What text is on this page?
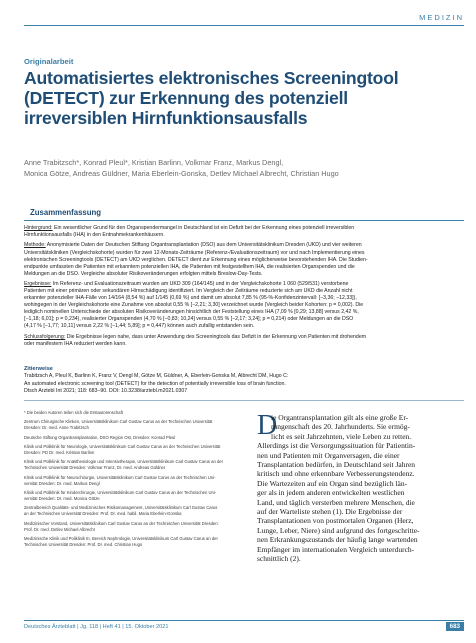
MEDIZIN
Originalarbeit
Automatisiertes elektronisches Screeningtool
(DETECT) zur Erkennung des potenziell
irreversiblen Hirnfunktionsausfalls
Anne Trabitzsch*, Konrad Pleul*, Kristian Barlinn, Volkmar Franz, Markus Dengl,
Monica Götze, Andreas Güldner, Maria Eberlein-Gonska, Detlev Michael Albrecht, Christian Hugo
Zusammenfassung

Hintergrund: Ein wesentlicher Grund für den Organspendermangel in Deutschland ist ein Defizit bei der Erkennung eines potenziell irreversiblen
Hirnfunktionsausfalls (IHA) in den Entnahmekrankenhäusern.

Methode: Anonymisierte Daten der Deutschen Stiftung Organtransplantation (DSO) aus dem Universitätsklinikum Dresden (UKD) und vier weiteren
Universitätskliniken (Vergleichskohorte) wurden für zwei 12-Monats-Zeiträume (Referenz-/Evaluationszeitraum) vor und nach Implementierung eines
elektronischen Screeningtools (DETECT) am UKD verglichen. DETECT dient zur Erkennung eines möglicherweise bevorstehenden IHA. Die Studien-
endpunkte umfassten die Patienten mit erkanntem potenziellen IHA, die Patienten mit festgestelltem IHA, die realisierten Organspenden und die
Meldungen an die DSO. Vergleiche absoluter Risikoveränderungen erfolgten mittels Breslow-Day-Tests.

Ergebnisse: Im Referenz- und Evaluationszeitraum wurden am UKD 309 (164/145) und in der Vergleichskohorte 1 060 (529/531) verstorbene
Patienten mit einer primären oder sekundären Hirnschädigung identifiziert. Im Vergleich der Zeiträume reduzierte sich am UKD die Anzahl nicht
erkannter potenzieller IHA-Fälle von 14/164 (8,54 %) auf 1/145 (0,69 %) und damit um absolut 7,85 % (95-%-Konfidenzintervall: [−3,36; −12,33]),
wohingegen in der Vergleichskohorte eine Zunahme von absolut 0,55 % [−2,21; 3,30] verzeichnet wurde (Vergleich beider Kohorten: p = 0,002). Die
lediglich nominellen Unterschiede der absoluten Risikoveränderungen hinsichtlich der Feststellung eines IHA (7,09 % [0,29; 13,88] versus 2,42 %,
[−1,18; 6,01]; p = 0,234), realisierter Organspenden (4,70 % [−0,83; 10,24] versus 0,55 % [−2,17; 3,24]; p = 0,214) oder Meldungen an die DSO
(4,17 % [−1,77; 10,11] versus 2,22 % [−1,44; 5,89]; p = 0,447) können auch zufallig entstanden sein.

Schlussfolgerung: Die Ergebnisse legen nahe, dass unter Anwendung des Screeningtools das Defizit in der Erkennung von Patienten mit drohendem
oder manifestem IHA reduziert werden kann.

Zitierweise
Trabitzsch A, Pleul K, Barlinn K, Franz V, Dengl M, Götze M, Güldner, A, Eberlein-Gonska M, Albrecht DM, Hugo C:
An automated electronic screening tool (DETECT) for the detection of potentially irreversible loss of brain function.
Dtsch Arztebl Int 2021; 118: 683–90. DOI: 10.3238/arztebl.m2021.0307

* Die beiden Autoren teilen sich die Erstautorenschaft

Zentrum Chirurgische Klinken, Universitätsklinikum Carl Gustav Carus an der Technischen Universität
Dresden: Dr. med. Anne Trabitzsch

Deutsche Stiftung Organtransplantation, DSO Region Ost, Dresden: Konrad Pleul

Klinik und Poliklinik für Neurologie, Universitätsklinikum Carl Gustav Carus an der Technischen Universität
Dresden: PD Dr. med. Kristian Barlinn

Klinik und Poliklinik für Anästhesiologie und Intensivtherapie, Universitätsklinikum Carl Gustav Carus an der
Technischen Universität Dresden: Volkmar Franz, Dr. med. Andreas Güldner

Klinik und Poliklinik für Neurochirurgie, Universitätsklinikum Carl Gustav Carus an der Technischen Uni-
versität Dresden: Dr. med. Markus Dengl

Klinik und Poliklinik für Kinderchirurgie, Universitätsklinikum Carl Gustav Carus an der Technischen Uni-
versität Dresden: Dr. med. Monica Götze

Zentralbereich Qualitäts- und Medizinisches Risikomanagement, Universitätsklinikum Carl Gustav Carus
an der Technischen Universität Dresden: Prof. Dr. med. habil. Maria Eberlein-Gonska

Medizinischer Vorstand, Universitätsklinikum Carl Gustav Carus an der Technischen Universität Dresden:
Prof. Dr. med. Detlev Michael Albrecht

Medizinische Klinik und Poliklinik III, Bereich Nephrologie, Universitätsklinikum Carl Gustav Carus an der
Technischen Universität Dresden: Prof. Dr. med. Christian Hugo

D
ie Organtransplantation gilt als eine große Er-
rungenschaft des 20. Jahrhunderts. Sie ermög-
licht es seit Jahrzehnten, viele Leben zu retten.
Allerdings ist die Versorgungssituation für Patientin-
nen und Patienten mit Organversagen, die einer
Transplantation bedürfen, in Deutschland seit Jahren
kritisch und ohne erkennbare Verbesserungstendenz.
Die Wartezeiten auf ein Organ sind bezüglich län-
ger als in jedem anderen entwickelten westlichen
Land, und täglich versterben mehrere Menschen, die
auf der Warteliste stehen (1). Die Ergebnisse der
Transplantationen von postmortalen Organen (Herz,
Lunge, Leber, Niere) sind aufgrund des fortgeschritte-
nen Erkrankungszustands der häufig lange wartenden
Empfänger im internationalen Vergleich unterdurch-
schnittlich (2).
Deutsches Ärzteblatt | Jg. 118 | Heft 41 | 15. Oktober 2021	683
